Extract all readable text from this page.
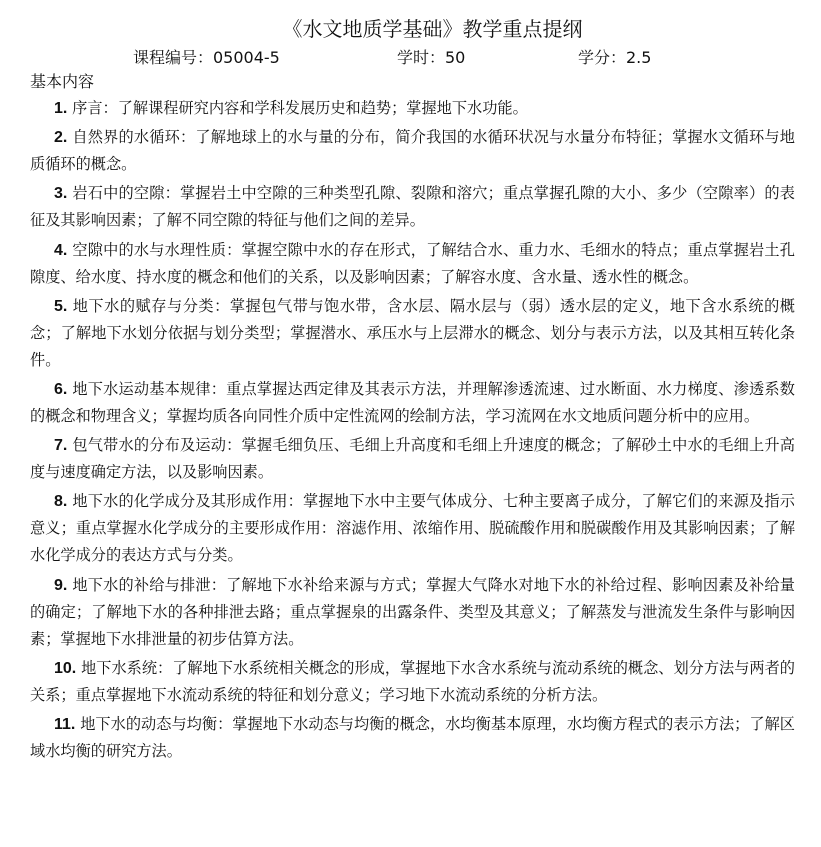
《水文地质学基础》教学重点提纲
课程编号：05004-5	学时：50	学分：2.5
基本内容

1. 序言：了解课程研究内容和学科发展历史和趋势；掌握地下水功能。

2. 自然界的水循环：了解地球上的水与量的分布，简介我国的水循环状况与水量分布特征；掌握水文循环与地质循环的概念。

3. 岩石中的空隙：掌握岩土中空隙的三种类型孔隙、裂隙和溶穴；重点掌握孔隙的大小、多少（空隙率）的表征及其影响因素；了解不同空隙的特征与他们之间的差异。

4. 空隙中的水与水理性质：掌握空隙中水的存在形式，了解结合水、重力水、毛细水的特点；重点掌握岩土孔隙度、给水度、持水度的概念和他们的关系，以及影响因素；了解容水度、含水量、透水性的概念。

5. 地下水的赋存与分类：掌握包气带与饱水带，含水层、隔水层与（弱）透水层的定义，地下含水系统的概念；了解地下水划分依据与划分类型；掌握潜水、承压水与上层滞水的概念、划分与表示方法，以及其相互转化条件。

6. 地下水运动基本规律：重点掌握达西定律及其表示方法，并理解渗透流速、过水断面、水力梯度、渗透系数的概念和物理含义；掌握均质各向同性介质中定性流网的绘制方法，学习流网在水文地质问题分析中的应用。

7. 包气带水的分布及运动：掌握毛细负压、毛细上升高度和毛细上升速度的概念；了解砂土中水的毛细上升高度与速度确定方法，以及影响因素。

8. 地下水的化学成分及其形成作用：掌握地下水中主要气体成分、七种主要离子成分，了解它们的来源及指示意义；重点掌握水化学成分的主要形成作用：溶滤作用、浓缩作用、脱硫酸作用和脱碳酸作用及其影响因素；了解水化学成分的表达方式与分类。

9. 地下水的补给与排泄：了解地下水补给来源与方式；掌握大气降水对地下水的补给过程、影响因素及补给量的确定；了解地下水的各种排泄去路；重点掌握泉的出露条件、类型及其意义；了解蒸发与泄流发生条件与影响因素；掌握地下水排泄量的初步估算方法。

10. 地下水系统：了解地下水系统相关概念的形成，掌握地下水含水系统与流动系统的概念、划分方法与两者的关系；重点掌握地下水流动系统的特征和划分意义；学习地下水流动系统的分析方法。

11. 地下水的动态与均衡：掌握地下水动态与均衡的概念，水均衡基本原理，水均衡方程式的表示方法；了解区域水均衡的研究方法。
